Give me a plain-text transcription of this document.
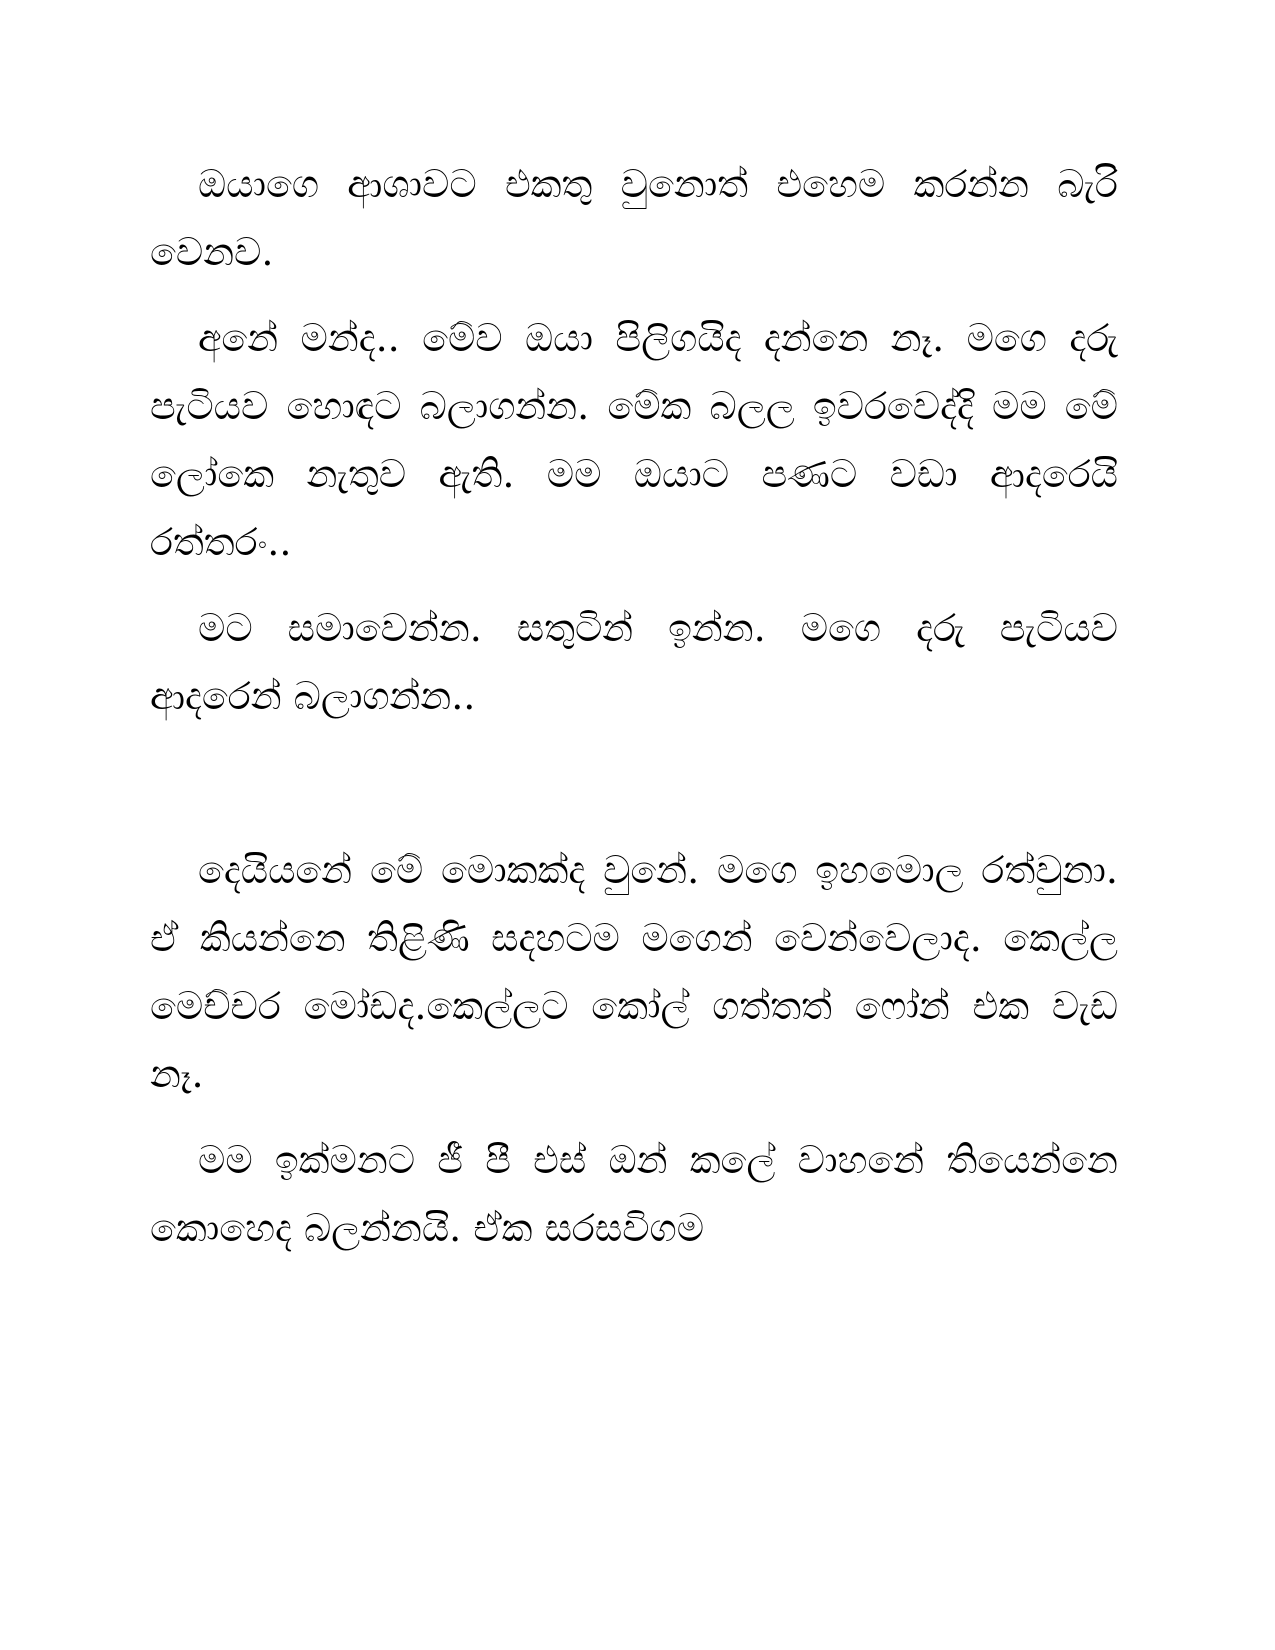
ඔයාගෙ ආශාවට එකතු වුනොත් එහෙම කරන්න බැරි වෙනව.

අනේ මන්ද.. මේව ඔයා පිලිගයිද දන්නෙ නෑ. මගෙ දරු පැටියව හොඳට බලාගන්න. මේක බලල ඉවරවෙද්දි මම මේ ලෝකෙ නැතුව ඇති. මම ඔයාට පණට වඩා ආදරෙයි රත්තරං..

මට සමාවෙන්න. සතුටින් ඉන්න. මගෙ දරු පැටියව ආදරෙන් බලාගන්න..

දෙයියනේ මේ මොකක්ද වුනේ. මගෙ ඉහමොල රත්වුනා. ඒ කියන්නෙ තිළිණි සදහටම මගෙන් වෙන්වෙලාද. කෙල්ල මෙච්චර මෝඩද.කෙල්ලට කෝල් ගත්තත් ෆෝන් එක වැඩ නෑ.

මම ඉක්මනට ජී පී එස් ඔන් කලේ වාහනේ තියෙන්නෙ කොහෙද බලන්නයි. ඒක සරසවිගම
